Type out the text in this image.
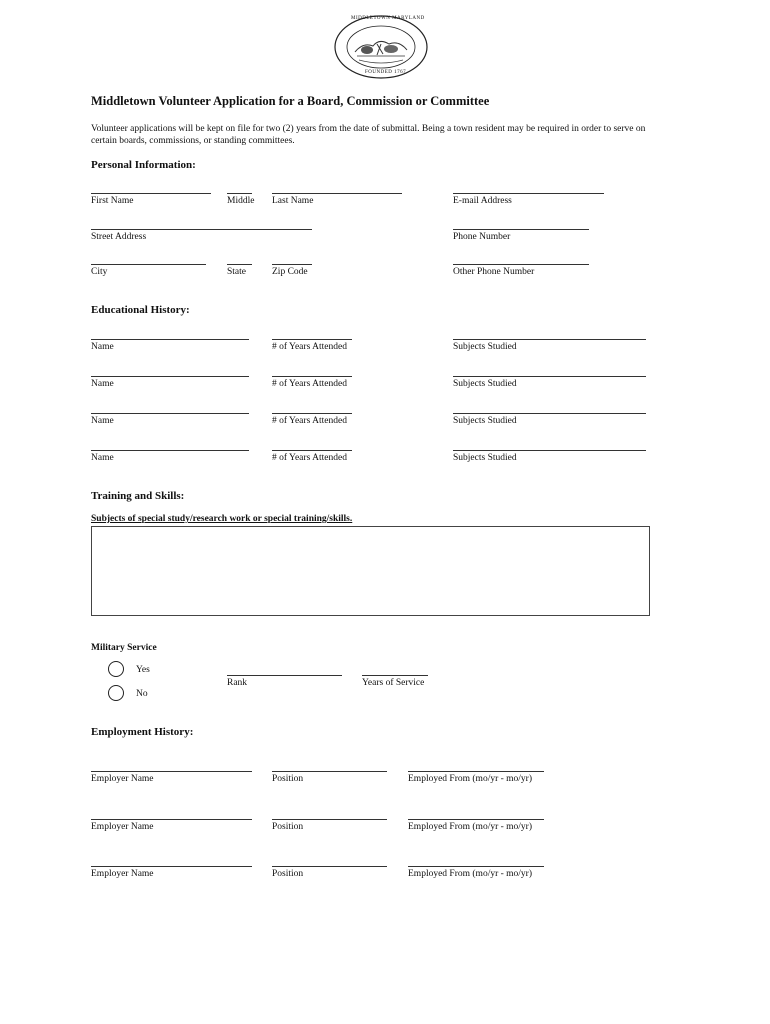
MIDDLETOWN MARYLAND
FOUNDED 1767
Middletown Volunteer Application for a Board, Commission or Committee
Volunteer applications will be kept on file for two (2) years from the date of submittal. Being a town resident may be required in order to serve on certain boards, commissions, or standing committees.
Personal Information:
First Name	Middle Last Name	E-mail Address
Street Address	Phone Number
City	State	Zip Code	Other Phone Number
Educational History:
Name	# of Years Attended	Subjects Studied
Name	# of Years Attended	Subjects Studied
Name	# of Years Attended	Subjects Studied
Name	# of Years Attended	Subjects Studied
Training and Skills:
Subjects of special study/research work or special training/skills.
Military Service
Yes
No
Rank	Years of Service
Employment History:
Employer Name	Position	Employed From (mo/yr - mo/yr)
Employer Name	Position	Employed From (mo/yr - mo/yr)
Employer Name	Position	Employed From (mo/yr - mo/yr)
